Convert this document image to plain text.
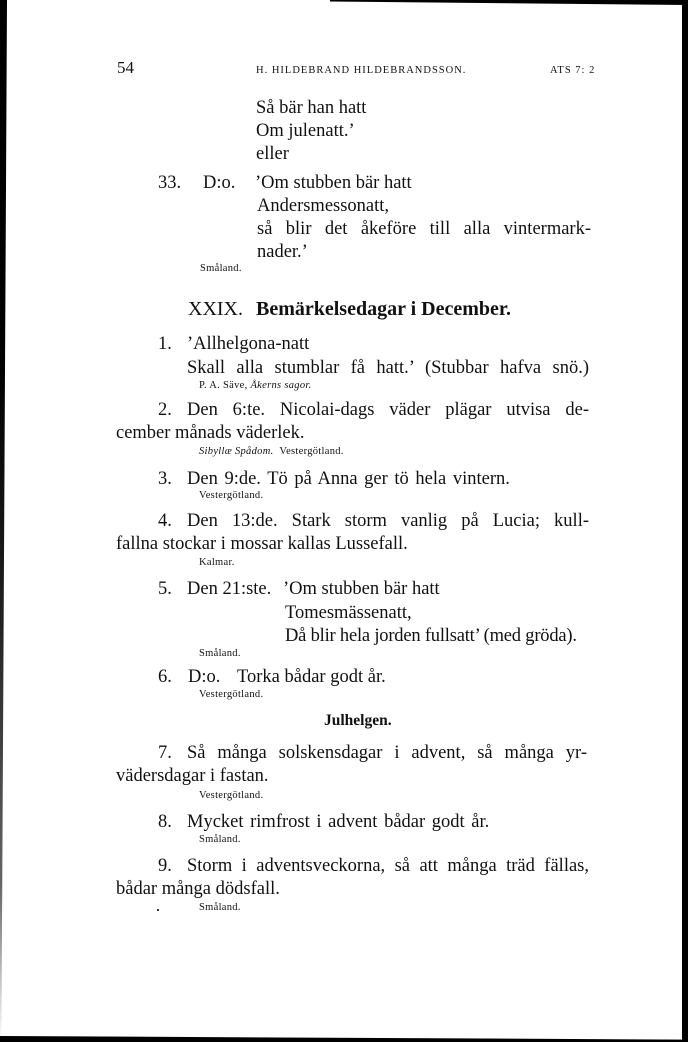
54	H. HILDEBRAND HILDEBRANDSSON.	ATS 7: 2
Så bär han hatt
Om julenatt.’
eller
33. D:o. ’Om stubben bär hatt
Andersmessonatt,
så blir det åkeföre till alla vintermark-
nader.’
Småland.
XXIX. Bemärkelsedagar i December.
1. ’Allhelgona-natt
Skall alla stumblar få hatt.’ (Stubbar hafva snö.)
P. A. Säve, Åkerns sagor.
2. Den 6:te. Nicolai-dags väder plägar utvisa de-
cember månads väderlek.
Sibyllæ Spådom. Vestergötland.
3. Den 9:de. Tö på Anna ger tö hela vintern.
Vestergötland.
4. Den 13:de. Stark storm vanlig på Lucia; kull-
fallna stockar i mossar kallas Lussefall.
Kalmar.
5. Den 21:ste. ’Om stubben bär hatt
Tomesmässenatt,
Då blir hela jorden fullsatt’ (med gröda).
Småland.
6. D:o. Torka bådar godt år.
Vestergötland.
Julhelgen.
7. Så många solskensdagar i advent, så många yr-
vädersdagar i fastan.
Vestergötland.
8. Mycket rimfrost i advent bådar godt år.
Småland.
9. Storm i adventsveckorna, så att många träd fällas,
bådar många dödsfall.
Småland.
